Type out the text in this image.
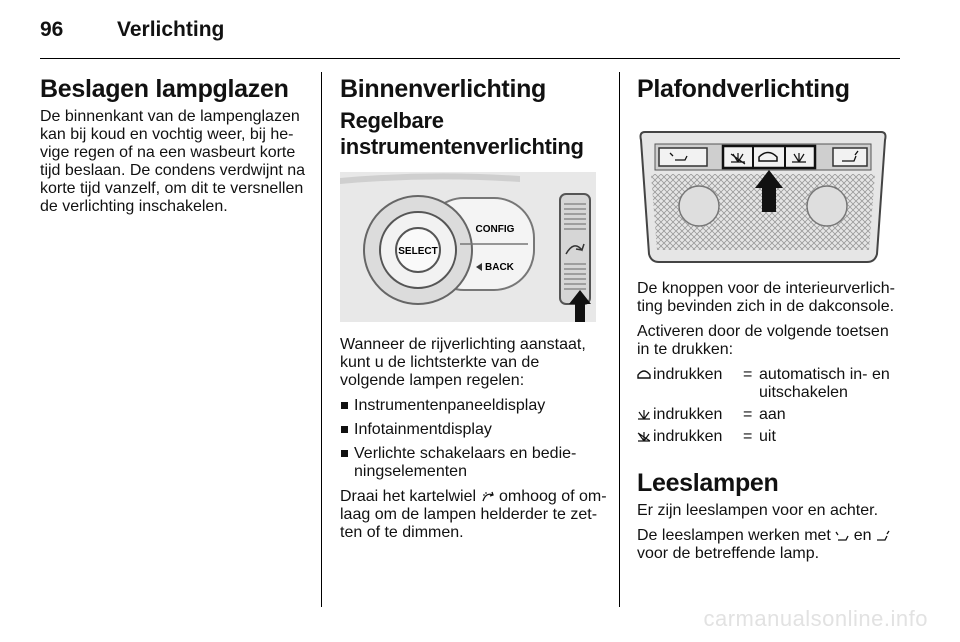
96	Verlichting
Beslagen lampglazen

De binnenkant van de lampenglazen kan bij koud en vochtig weer, bij he-vige regen of na een wasbeurt korte tijd beslaan. De condens verdwijnt na korte tijd vanzelf, om dit te versnellen de verlichting inschakelen.

Binnenverlichting
Regelbare instrumentenverlichting
SELECT
CONFIG
BACK

Wanneer de rijverlichting aanstaat, kunt u de lichtsterkte van de volgende lampen regelen:

Instrumentenpaneeldisplay
Infotainmentdisplay
Verlichte schakelaars en bedie-ningselementen

Draai het kartelwiel omhoog of om-laag om de lampen helderder te zet-ten of te dimmen.

Plafondverlichting

De knoppen voor de interieurverlich-ting bevinden zich in de dakconsole.

Activeren door de volgende toetsen in te drukken:

indrukken	=	automatisch in- en uitschakelen
indrukken	=	aan
indrukken	=	uit
Leeslampen

Er zijn leeslampen voor en achter.

De leeslampen werken met en
voor de betreffende lamp.

carmanualsonline.info
